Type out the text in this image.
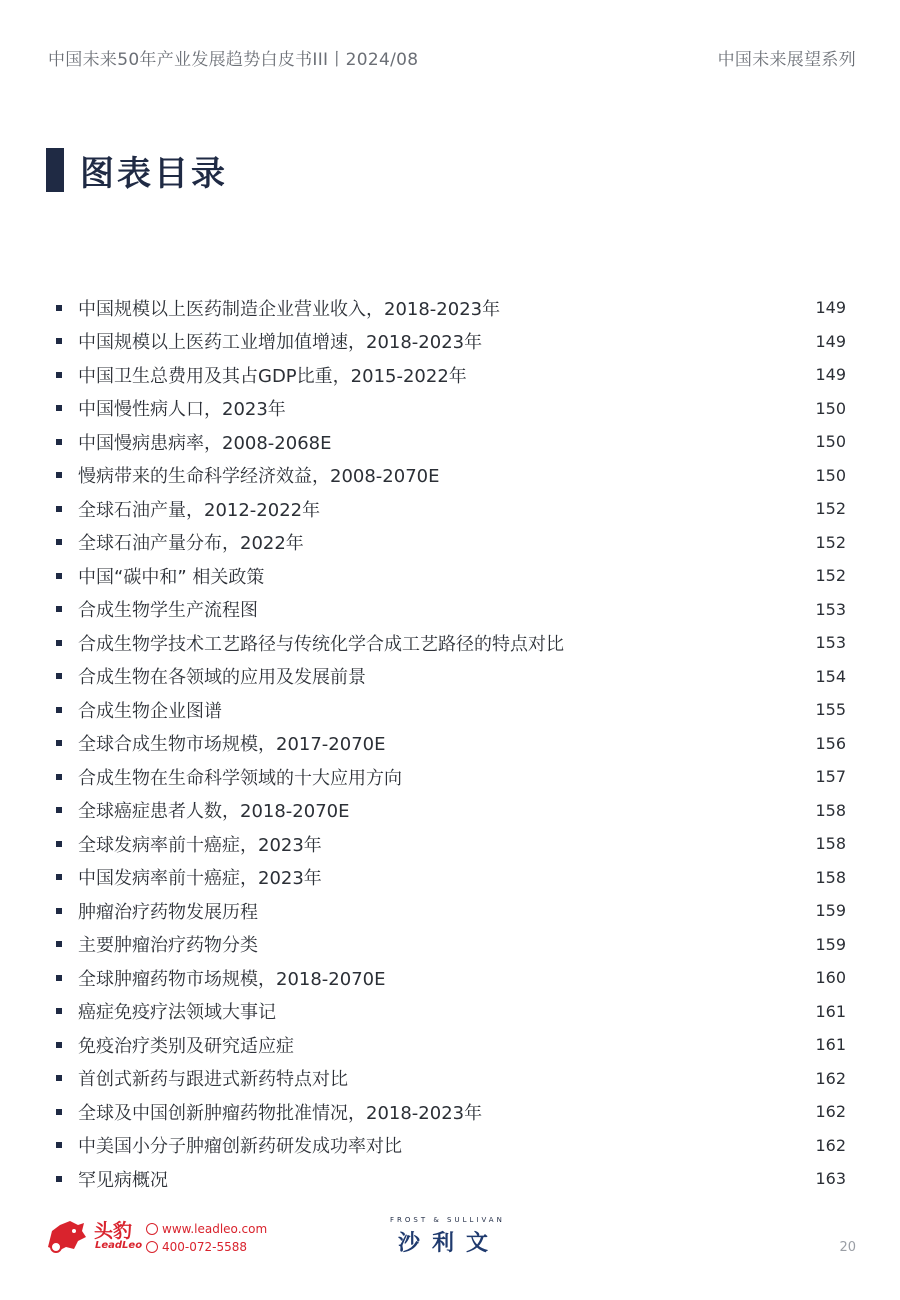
中国未来50年产业发展趋势白皮书III丨2024/08	中国未来展望系列
图表目录
中国规模以上医药制造企业营业收入，2018-2023年	149
中国规模以上医药工业增加值增速，2018-2023年	149
中国卫生总费用及其占GDP比重，2015-2022年	149
中国慢性病人口，2023年	150
中国慢病患病率，2008-2068E	150
慢病带来的生命科学经济效益，2008-2070E	150
全球石油产量，2012-2022年	152
全球石油产量分布，2022年	152
中国“碳中和” 相关政策	152
合成生物学生产流程图	153
合成生物学技术工艺路径与传统化学合成工艺路径的特点对比	153
合成生物在各领域的应用及发展前景	154
合成生物企业图谱	155
全球合成生物市场规模，2017-2070E	156
合成生物在生命科学领域的十大应用方向	157
全球癌症患者人数，2018-2070E	158
全球发病率前十癌症，2023年	158
中国发病率前十癌症，2023年	158
肿瘤治疗药物发展历程	159
主要肿瘤治疗药物分类	159
全球肿瘤药物市场规模，2018-2070E	160
癌症免疫疗法领域大事记	161
免疫治疗类别及研究适应症	161
首创式新药与跟进式新药特点对比	162
全球及中国创新肿瘤药物批准情况，2018-2023年	162
中美国小分子肿瘤创新药研发成功率对比	162
罕见病概况	163
头豹
LeadLeo
www.leadleo.com
400-072-5588
FROST & SULLIVAN
沙利文	20
